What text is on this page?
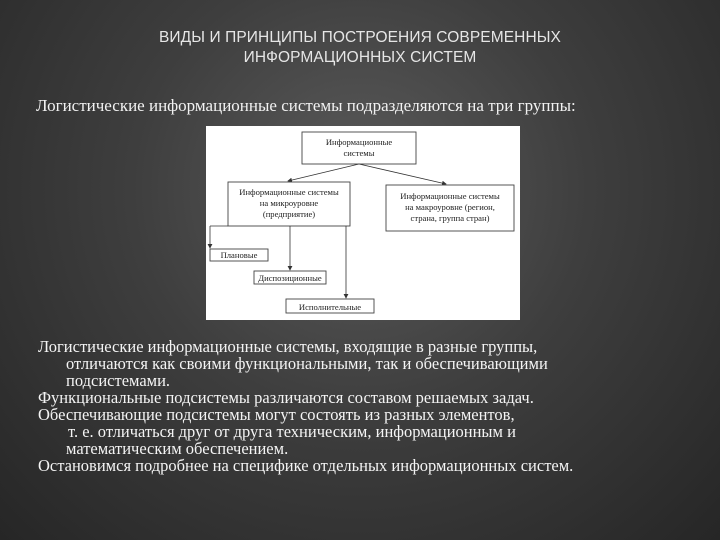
ВИДЫ И ПРИНЦИПЫ ПОСТРОЕНИЯ СОВРЕМЕННЫХ
ИНФОРМАЦИОННЫХ СИСТЕМ
Логистические информационные системы подразделяются на три группы:
Информационные
системы
Информационные системы
на микроуровне
(предприятие)
Информационные системы
на макроуровне (регион,
страна, группа стран)
Плановые
Диспозиционные
Исполнительные

Логистические информационные системы, входящие в разные группы,
отличаются как своими функциональными, так и обеспечивающими
подсистемами.

Функциональные подсистемы различаются составом решаемых задач.

Обеспечивающие подсистемы могут состоять из разных элементов,
т. е. отличаться друг от друга техническим, информационным и
математическим обеспечением.

Остановимся подробнее на специфике отдельных информационных систем.
